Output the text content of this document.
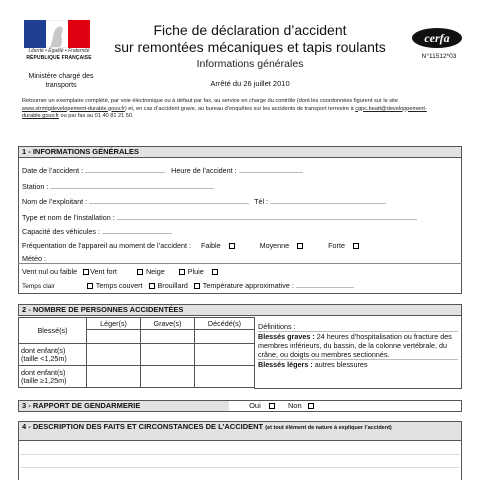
Liberté • Égalité • Fraternité
RÉPUBLIQUE FRANÇAISE
Ministère chargé des transports
Fiche de déclaration d’accident
sur remontées mécaniques et tapis roulants
Informations générales
Arrêté du 26 juillet 2010
cerfa
N°11512*03
Retourner un exemplaire complété, par voie électronique ou à défaut par fax, au service en charge du contrôle (dont les coordonnées figurent sur le site www.strmtgdevelopement-durable.gouv.fr) et, en cas d’accident grave, au bureau d’enquêtes sur les accidents de transport terrestre à cgpc.beatt@developpement-durable.gouv.fr ou par fax au 01 40 81 21 50.
1 - INFORMATIONS GÉNÉRALES
Date de l’accident :	Heure de l’accident :
Station :
Nom de l’exploitant :	Tél :
Type et nom de l’installation :
Capacité des véhicules :
Fréquentation de l’appareil au moment de l’accident : Faible	Moyenne	Forte
Météo :
Vent nul ou faible Vent fort	Neige	Pluie
Temps clair	Temps couvert Brouillard Température approximative :
2 - NOMBRE DE PERSONNES ACCIDENTÉES
Blessé(s)	Léger(s)	Grave(s)	Décédé(s)

dont enfant(s) (taille <1,25m)			
dont enfant(s) (taille ≥1,25m)			
Définitions :
Blessés graves : 24 heures d’hospitalisation ou fracture des membres inférieurs, du bassin, de la colonne vertébrale, du crâne, ou doigts ou membres sectionnés.
Blessés légers : autres blessures
3 - RAPPORT DE GENDARMERIE	Oui	Non
4 - DESCRIPTION DES FAITS ET CIRCONSTANCES DE L’ACCIDENT (et tout élément de nature à expliquer l’accident)
